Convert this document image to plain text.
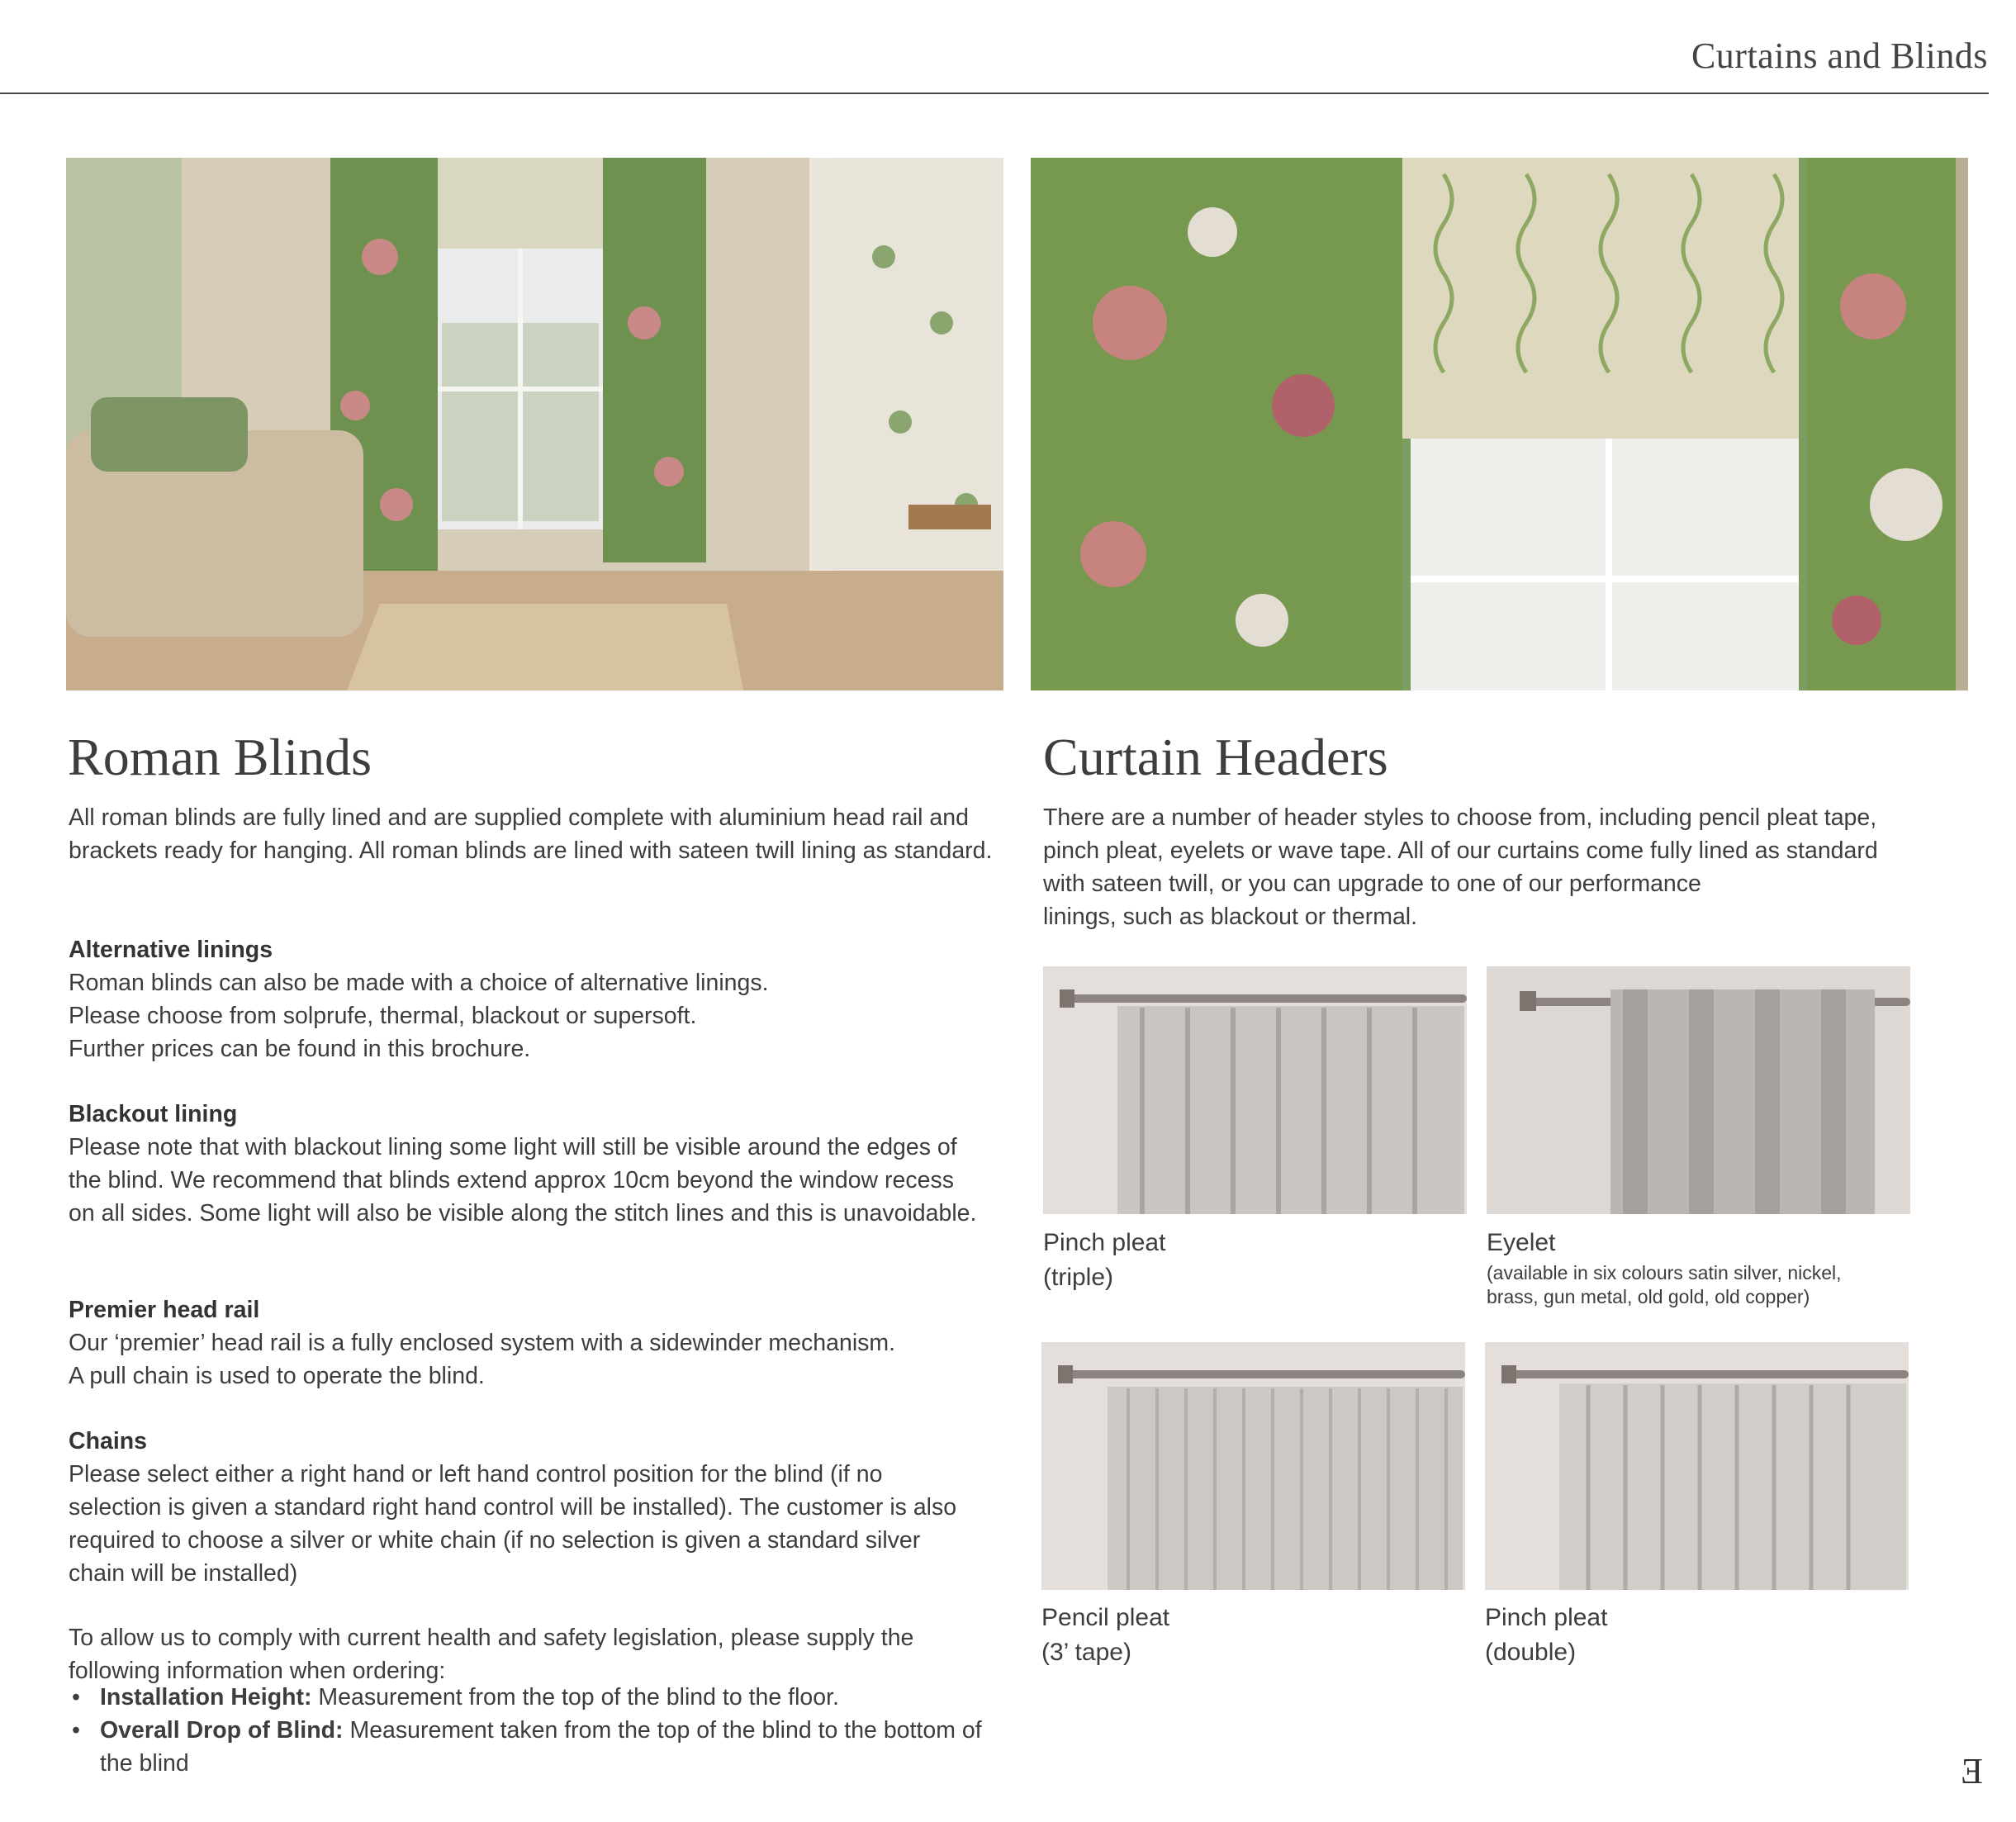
Curtains and Blinds
Roman Blinds

All roman blinds are fully lined and are supplied complete with aluminium head rail and brackets ready for hanging. All roman blinds are lined with sateen twill lining as standard.

Alternative linings
Roman blinds can also be made with a choice of alternative linings.
Please choose from solprufe, thermal, blackout or supersoft.
Further prices can be found in this brochure.
Blackout lining
Please note that with blackout lining some light will still be visible around the edges of the blind. We recommend that blinds extend approx 10cm beyond the window recess on all sides. Some light will also be visible along the stitch lines and this is unavoidable.
Premier head rail
Our ‘premier’ head rail is a fully enclosed system with a sidewinder mechanism.
A pull chain is used to operate the blind.
Chains
Please select either a right hand or left hand control position for the blind (if no selection is given a standard right hand control will be installed). The customer is also required to choose a silver or white chain (if no selection is given a standard silver chain will be installed)

To allow us to comply with current health and safety legislation, please supply the following information when ordering:

• Installation Height: Measurement from the top of the blind to the floor.
• Overall Drop of Blind: Measurement taken from the top of the blind to the bottom of the blind
Curtain Headers
There are a number of header styles to choose from, including pencil pleat tape,
pinch pleat, eyelets or wave tape. All of our curtains come fully lined as standard
with sateen twill, or you can upgrade to one of our performance
linings, such as blackout or thermal.
Pinch pleat
(triple)
Eyelet
(available in six colours satin silver, nickel,
brass, gun metal, old gold, old copper)
Pencil pleat
(3’ tape)
Pinch pleat
(double)
Ǝ
